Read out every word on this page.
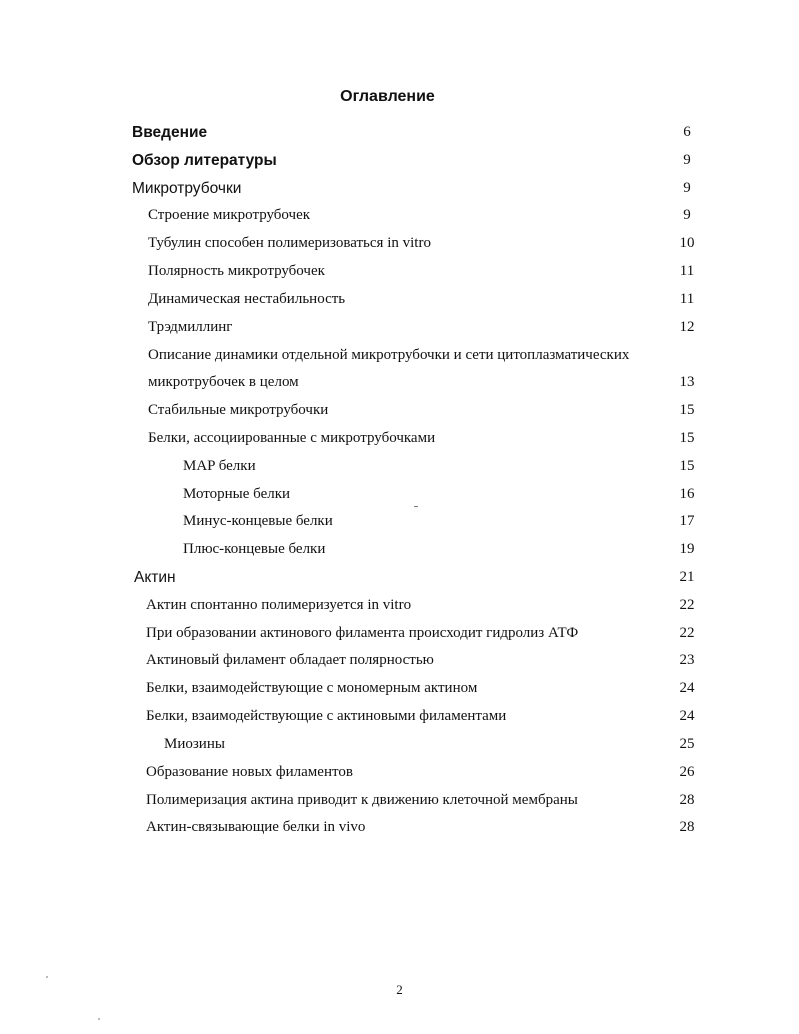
Оглавление
Введение	6
Обзор литературы	9
Микротрубочки	9
Строение микротрубочек	9
Тубулин способен полимеризоваться in vitro	10
Полярность микротрубочек	11
Динамическая нестабильность	11
Трэдмиллинг	12
Описание динамики отдельной микротрубочки и сети цитоплазматических
микротрубочек в целом	13
Стабильные микротрубочки	15
Белки, ассоциированные с микротрубочками	15
MAP белки	15
Моторные белки	16
Минус-концевые белки	17
Плюс-концевые белки	19
Актин	21
Актин спонтанно полимеризуется in vitro	22
При образовании актинового филамента происходит гидролиз АТФ	22
Актиновый филамент обладает полярностью	23
Белки, взаимодействующие с мономерным актином	24
Белки, взаимодействующие с актиновыми филаментами	24
Миозины	25
Образование новых филаментов	26
Полимеризация актина приводит к движению клеточной мембраны	28
Актин-связывающие белки in vivo	28
2
